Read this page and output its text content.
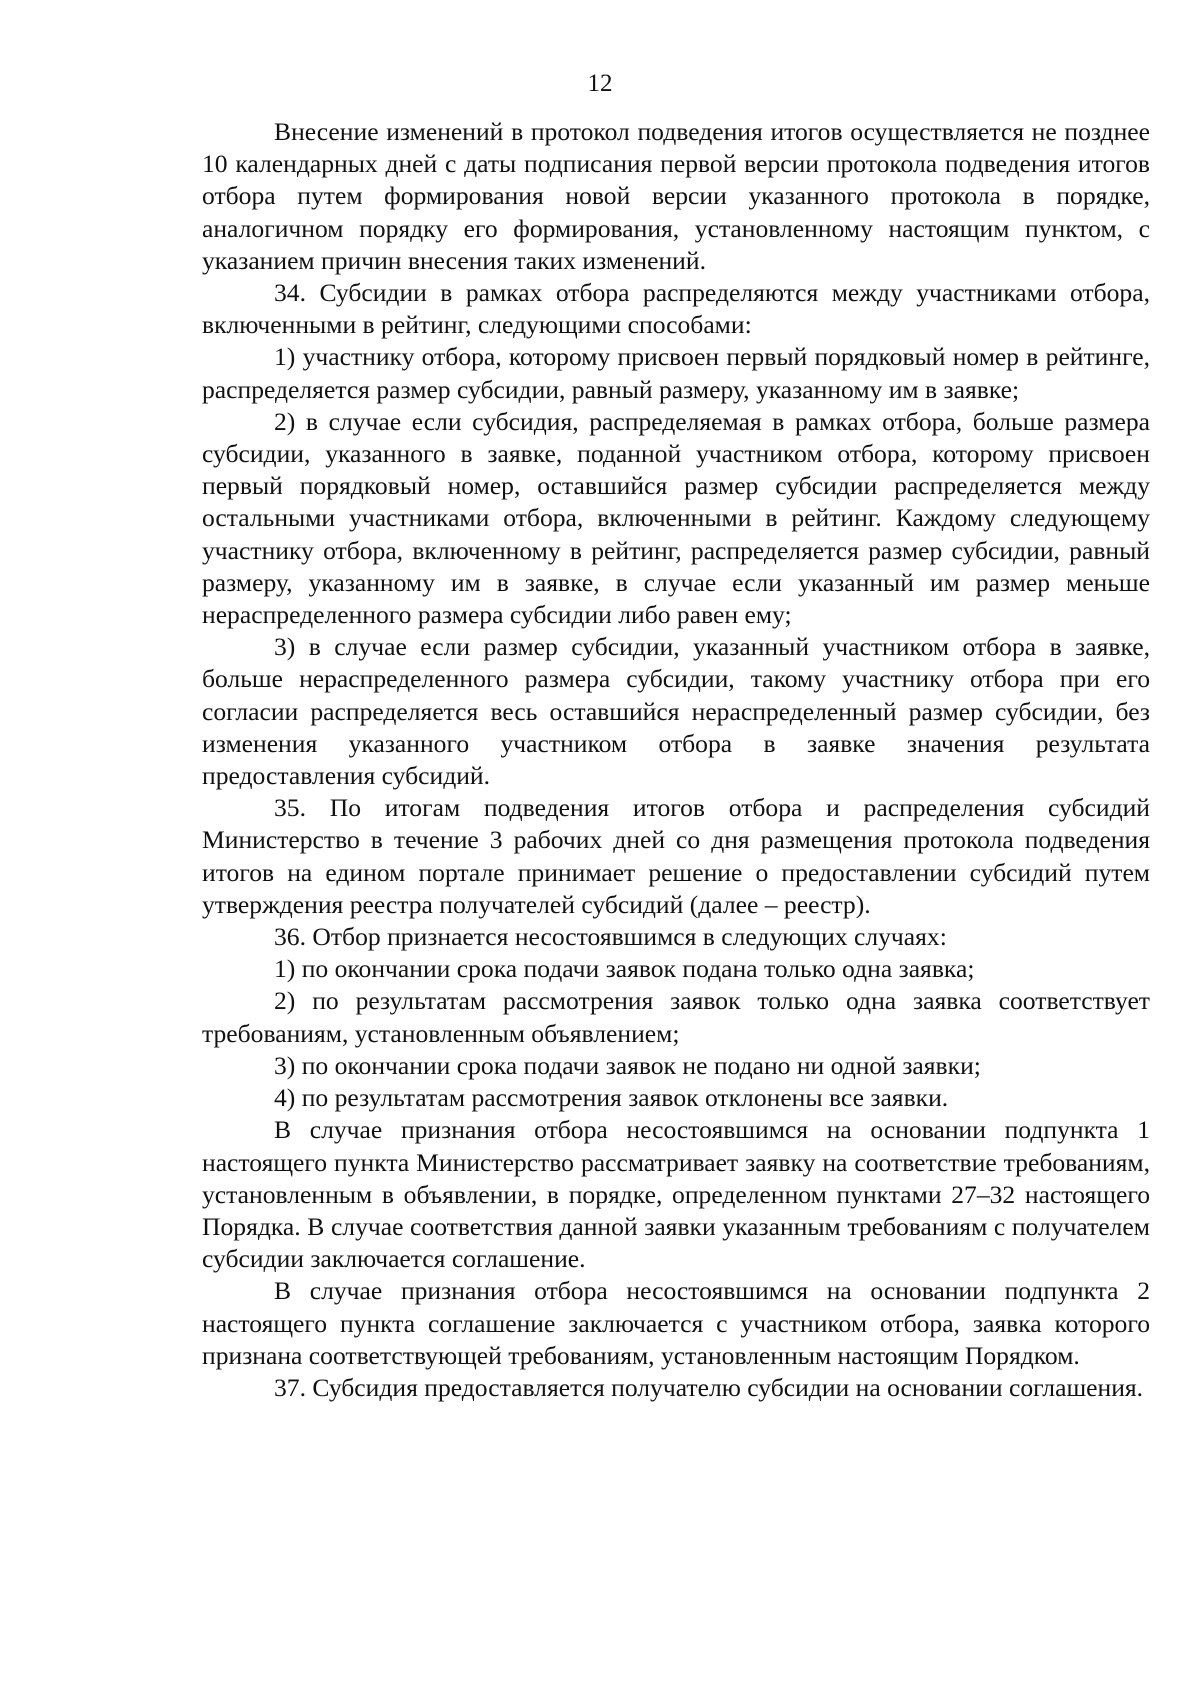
12

Внесение изменений в протокол подведения итогов осуществляется не позднее 10 календарных дней с даты подписания первой версии протокола подведения итогов отбора путем формирования новой версии указанного протокола в порядке, аналогичном порядку его формирования, установленному настоящим пунктом, с указанием причин внесения таких изменений.

34. Субсидии в рамках отбора распределяются между участниками отбора, включенными в рейтинг, следующими способами:

1) участнику отбора, которому присвоен первый порядковый номер в рейтинге, распределяется размер субсидии, равный размеру, указанному им в заявке;

2) в случае если субсидия, распределяемая в рамках отбора, больше размера субсидии, указанного в заявке, поданной участником отбора, которому присвоен первый порядковый номер, оставшийся размер субсидии распределяется между остальными участниками отбора, включенными в рейтинг. Каждому следующему участнику отбора, включенному в рейтинг, распределяется размер субсидии, равный размеру, указанному им в заявке, в случае если указанный им размер меньше нераспределенного размера субсидии либо равен ему;

3) в случае если размер субсидии, указанный участником отбора в заявке, больше нераспределенного размера субсидии, такому участнику отбора при его согласии распределяется весь оставшийся нераспределенный размер субсидии, без изменения указанного участником отбора в заявке значения результата предоставления субсидий.

35. По итогам подведения итогов отбора и распределения субсидий Министерство в течение 3 рабочих дней со дня размещения протокола подведения итогов на едином портале принимает решение о предоставлении субсидий путем утверждения реестра получателей субсидий (далее – реестр).

36. Отбор признается несостоявшимся в следующих случаях:

1) по окончании срока подачи заявок подана только одна заявка;

2) по результатам рассмотрения заявок только одна заявка соответствует требованиям, установленным объявлением;

3) по окончании срока подачи заявок не подано ни одной заявки;

4) по результатам рассмотрения заявок отклонены все заявки.

В случае признания отбора несостоявшимся на основании подпункта 1 настоящего пункта Министерство рассматривает заявку на соответствие требованиям, установленным в объявлении, в порядке, определенном пунктами 27–32 настоящего Порядка. В случае соответствия данной заявки указанным требованиям с получателем субсидии заключается соглашение.

В случае признания отбора несостоявшимся на основании подпункта 2 настоящего пункта соглашение заключается с участником отбора, заявка которого признана соответствующей требованиям, установленным настоящим Порядком.

37. Субсидия предоставляется получателю субсидии на основании соглашения.
